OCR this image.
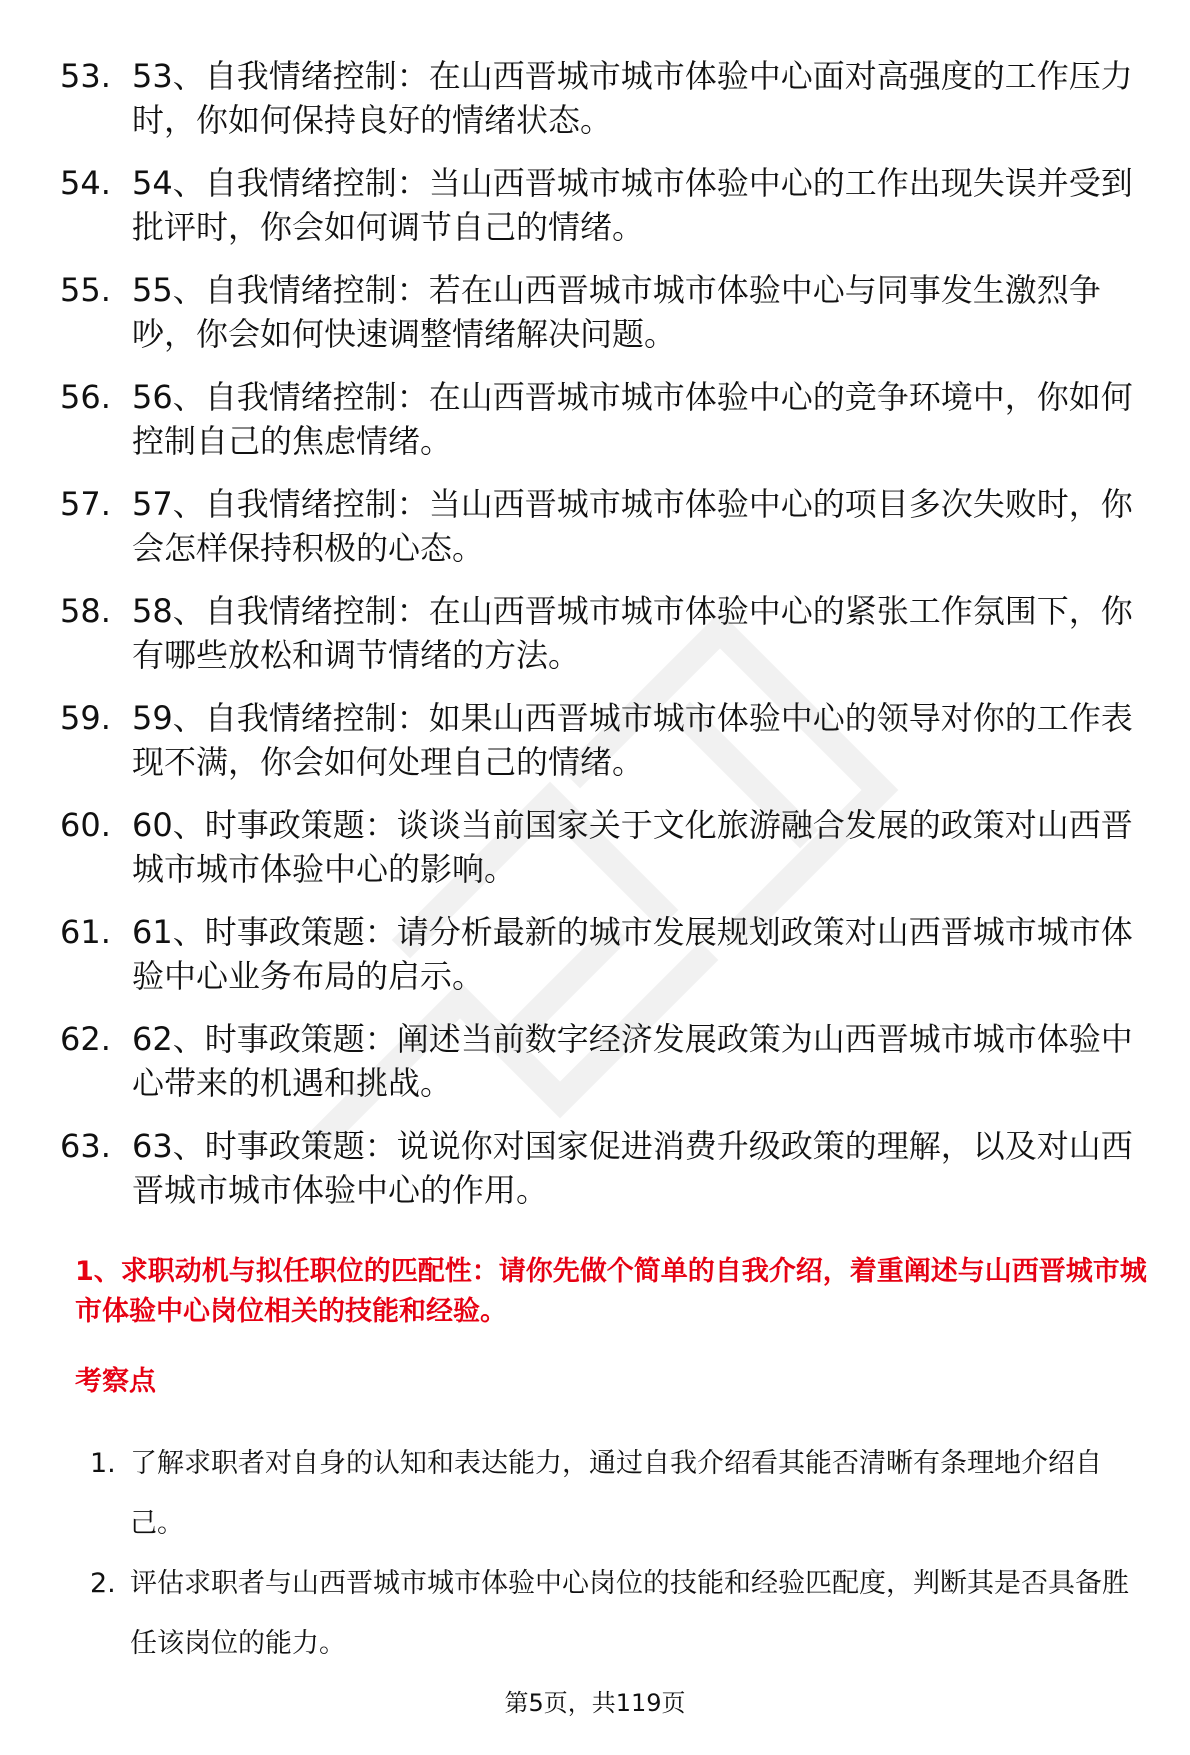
53. 53、自我情绪控制：在山西晋城市城市体验中心面对高强度的工作压力时，你如何保持良好的情绪状态。
54. 54、自我情绪控制：当山西晋城市城市体验中心的工作出现失误并受到批评时，你会如何调节自己的情绪。
55. 55、自我情绪控制：若在山西晋城市城市体验中心与同事发生激烈争吵，你会如何快速调整情绪解决问题。
56. 56、自我情绪控制：在山西晋城市城市体验中心的竞争环境中，你如何控制自己的焦虑情绪。
57. 57、自我情绪控制：当山西晋城市城市体验中心的项目多次失败时，你会怎样保持积极的心态。
58. 58、自我情绪控制：在山西晋城市城市体验中心的紧张工作氛围下，你有哪些放松和调节情绪的方法。
59. 59、自我情绪控制：如果山西晋城市城市体验中心的领导对你的工作表现不满，你会如何处理自己的情绪。
60. 60、时事政策题：谈谈当前国家关于文化旅游融合发展的政策对山西晋城市城市体验中心的影响。
61. 61、时事政策题：请分析最新的城市发展规划政策对山西晋城市城市体验中心业务布局的启示。
62. 62、时事政策题：阐述当前数字经济发展政策为山西晋城市城市体验中心带来的机遇和挑战。
63. 63、时事政策题：说说你对国家促进消费升级政策的理解，以及对山西晋城市城市体验中心的作用。

1、求职动机与拟任职位的匹配性：请你先做个简单的自我介绍，着重阐述与山西晋城市城市体验中心岗位相关的技能和经验。

考察点

1. 了解求职者对自身的认知和表达能力，通过自我介绍看其能否清晰有条理地介绍自己。
2. 评估求职者与山西晋城市城市体验中心岗位的技能和经验匹配度，判断其是否具备胜任该岗位的能力。
第5页，共119页
